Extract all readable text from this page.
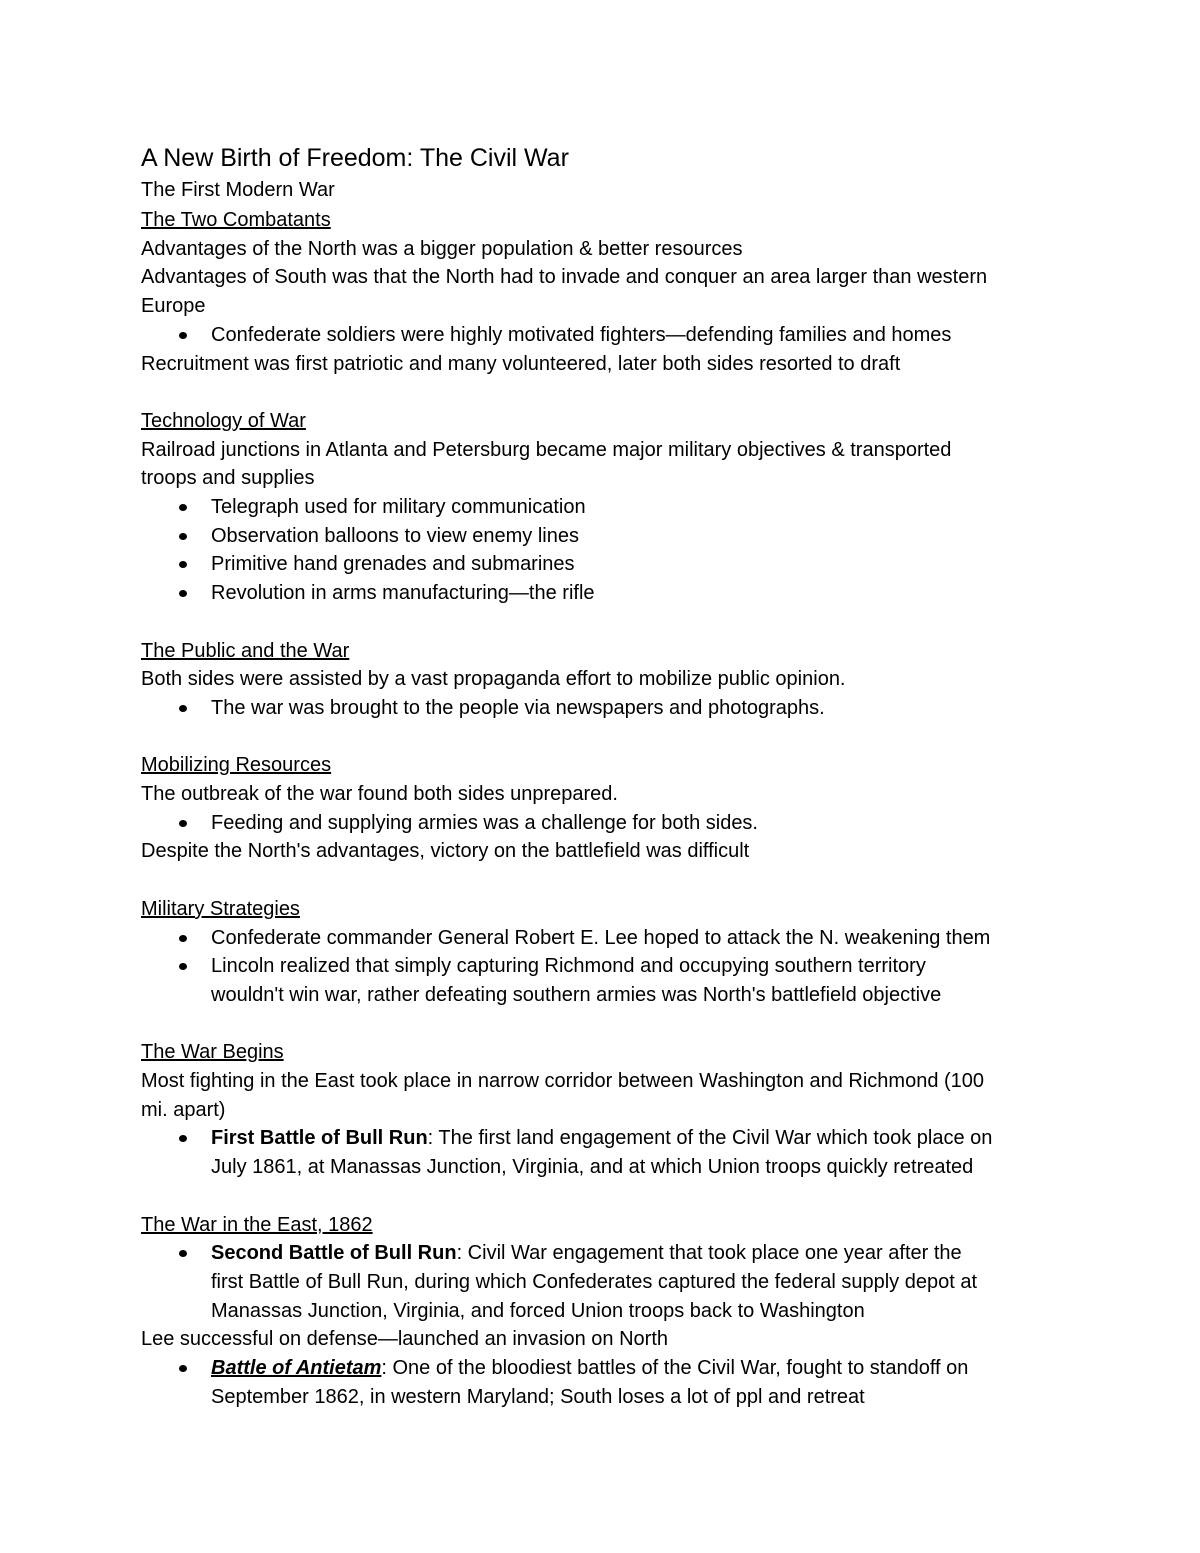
A New Birth of Freedom: The Civil War

The First Modern War

The Two Combatants

Advantages of the North was a bigger population & better resources

Advantages of South was that the North had to invade and conquer an area larger than western

Europe

Confederate soldiers were highly motivated fighters—defending families and homes

Recruitment was first patriotic and many volunteered, later both sides resorted to draft

Technology of War

Railroad junctions in Atlanta and Petersburg became major military objectives & transported

troops and supplies

Telegraph used for military communication
Observation balloons to view enemy lines
Primitive hand grenades and submarines
Revolution in arms manufacturing—the rifle

The Public and the War

Both sides were assisted by a vast propaganda effort to mobilize public opinion.

The war was brought to the people via newspapers and photographs.

Mobilizing Resources

The outbreak of the war found both sides unprepared.

Feeding and supplying armies was a challenge for both sides.

Despite the North's advantages, victory on the battlefield was difficult

Military Strategies

Confederate commander General Robert E. Lee hoped to attack the N. weakening them
Lincoln realized that simply capturing Richmond and occupying southern territory
wouldn't win war, rather defeating southern armies was North's battlefield objective

The War Begins

Most fighting in the East took place in narrow corridor between Washington and Richmond (100

mi. apart)

First Battle of Bull Run: The first land engagement of the Civil War which took place on
July 1861, at Manassas Junction, Virginia, and at which Union troops quickly retreated

The War in the East, 1862

Second Battle of Bull Run: Civil War engagement that took place one year after the
first Battle of Bull Run, during which Confederates captured the federal supply depot at
Manassas Junction, Virginia, and forced Union troops back to Washington

Lee successful on defense—launched an invasion on North

Battle of Antietam: One of the bloodiest battles of the Civil War, fought to standoff on
September 1862, in western Maryland; South loses a lot of ppl and retreat
